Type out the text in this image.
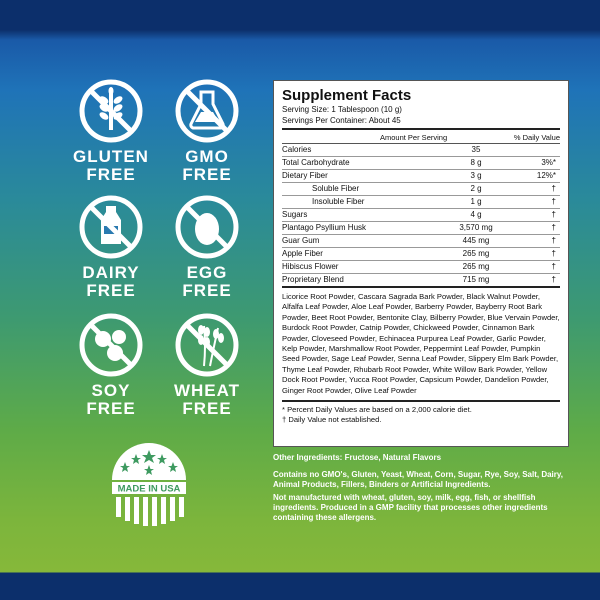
GLUTEN
FREE
GMO
FREE
DAIRY
FREE
EGG
FREE
SOY
FREE
WHEAT
FREE
MADE IN USA
Supplement Facts
Serving Size: 1 Tablespoon (10 g)
Servings Per Container: About 45
Amount Per Serving	% Daily Value
Calories	35
Total Carbohydrate	8 g	3%*
Dietary Fiber	3 g	12%*
Soluble Fiber	2 g	†
Insoluble Fiber	1 g	†
Sugars	4 g	†
Plantago Psyllium Husk	3,570 mg	†
Guar Gum	445 mg	†
Apple Fiber	265 mg	†
Hibiscus Flower	265 mg	†
Proprietary Blend	715 mg	†
Licorice Root Powder, Cascara Sagrada Bark Powder, Black Walnut Powder, Alfalfa Leaf Powder, Aloe Leaf Powder, Barberry Powder, Bayberry Root Bark Powder, Beet Root Powder, Bentonite Clay, Bilberry Powder, Blue Vervain Powder, Burdock Root Powder, Catnip Powder, Chickweed Powder, Cinnamon Bark Powder, Cloveseed Powder, Echinacea Purpurea Leaf Powder, Garlic Powder, Kelp Powder, Marshmallow Root Powder, Peppermint Leaf Powder, Pumpkin Seed Powder, Sage Leaf Powder, Senna Leaf Powder, Slippery Elm Bark Powder, Thyme Leaf Powder, Rhubarb Root Powder, White Willow Bark Powder, Yellow Dock Root Powder, Yucca Root Powder, Capsicum Powder, Dandelion Powder, Ginger Root Powder, Olive Leaf Powder
* Percent Daily Values are based on a 2,000 calorie diet.
† Daily Value not established.
Other Ingredients: Fructose, Natural Flavors
Contains no GMO's, Gluten, Yeast, Wheat, Corn, Sugar, Rye, Soy, Salt, Dairy, Animal Products, Fillers, Binders or Artificial Ingredients.
Not manufactured with wheat, gluten, soy, milk, egg, fish, or shellfish ingredients. Produced in a GMP facility that processes other ingredients containing these allergens.
